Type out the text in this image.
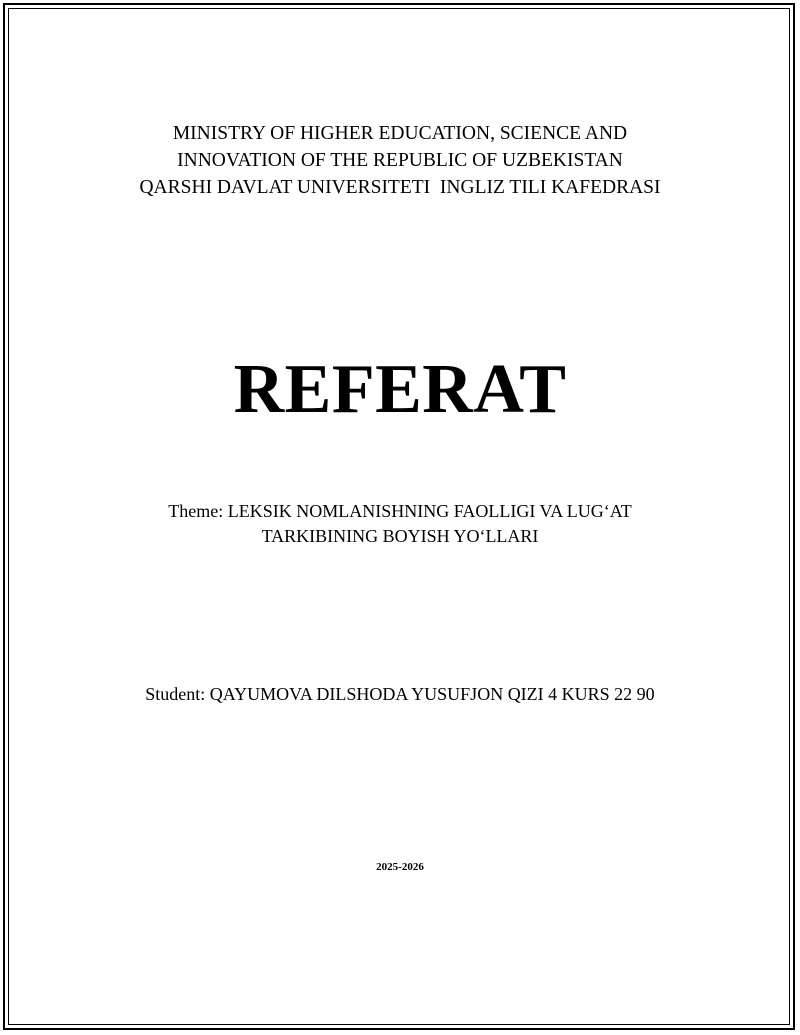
MINISTRY OF HIGHER EDUCATION, SCIENCE AND
INNOVATION OF THE REPUBLIC OF UZBEKISTAN
QARSHI DAVLAT UNIVERSITETI  INGLIZ TILI KAFEDRASI
REFERAT
Theme: LEKSIK NOMLANISHNING FAOLLIGI VA LUG‘AT
TARKIBINING BOYISH YO‘LLARI
Student: QAYUMOVA DILSHODA YUSUFJON QIZI 4 KURS 22 90
2025-2026
